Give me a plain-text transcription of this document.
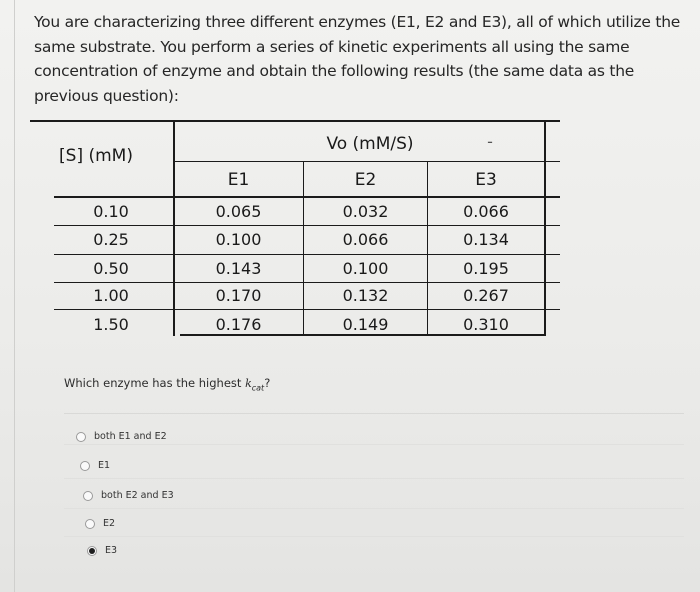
You are characterizing three different enzymes (E1, E2 and E3), all of which utilize the
same substrate. You perform a series of kinetic experiments all using the same
concentration of enzyme and obtain the following results (the same data as the
previous question):
[S] (mM)
Vo (mM/S)	-
E1	E2	E3
0.10	0.065	0.032	0.066
0.25	0.100	0.066	0.134
0.50	0.143	0.100	0.195
1.00	0.170	0.132	0.267
1.50	0.176	0.149	0.310
Which enzyme has the highest $k_{cat}$?
both E1 and E2
E1
both E2 and E3
E2
E3
